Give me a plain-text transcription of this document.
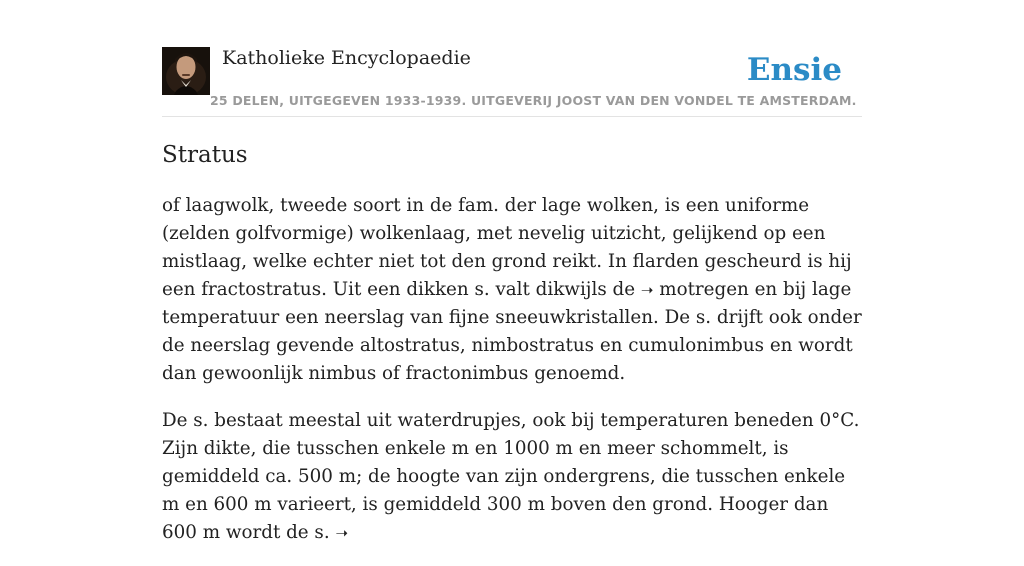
Katholieke Encyclopaedie	Ensie
25 DELEN, UITGEGEVEN 1933-1939. UITGEVERIJ JOOST VAN DEN VONDEL TE AMSTERDAM.
Stratus

of laagwolk, tweede soort in de fam. der lage wolken, is een uniforme (zelden golfvormige) wolkenlaag, met nevelig uitzicht, gelijkend op een mistlaag, welke echter niet tot den grond reikt. In flarden gescheurd is hij een fractostratus. Uit een dikken s. valt dikwijls de ➝ motregen en bij lage temperatuur een neerslag van fijne sneeuwkristallen. De s. drijft ook onder de neerslag gevende altostratus, nimbostratus en cumulonimbus en wordt dan gewoonlijk nimbus of fractonimbus genoemd.

De s. bestaat meestal uit waterdrupjes, ook bij temperaturen beneden 0°C. Zijn dikte, die tusschen enkele m en 1000 m en meer schommelt, is gemiddeld ca. 500 m; de hoogte van zijn ondergrens, die tusschen enkele m en 600 m varieert, is gemiddeld 300 m boven den grond. Hooger dan 600 m wordt de s. ➝
